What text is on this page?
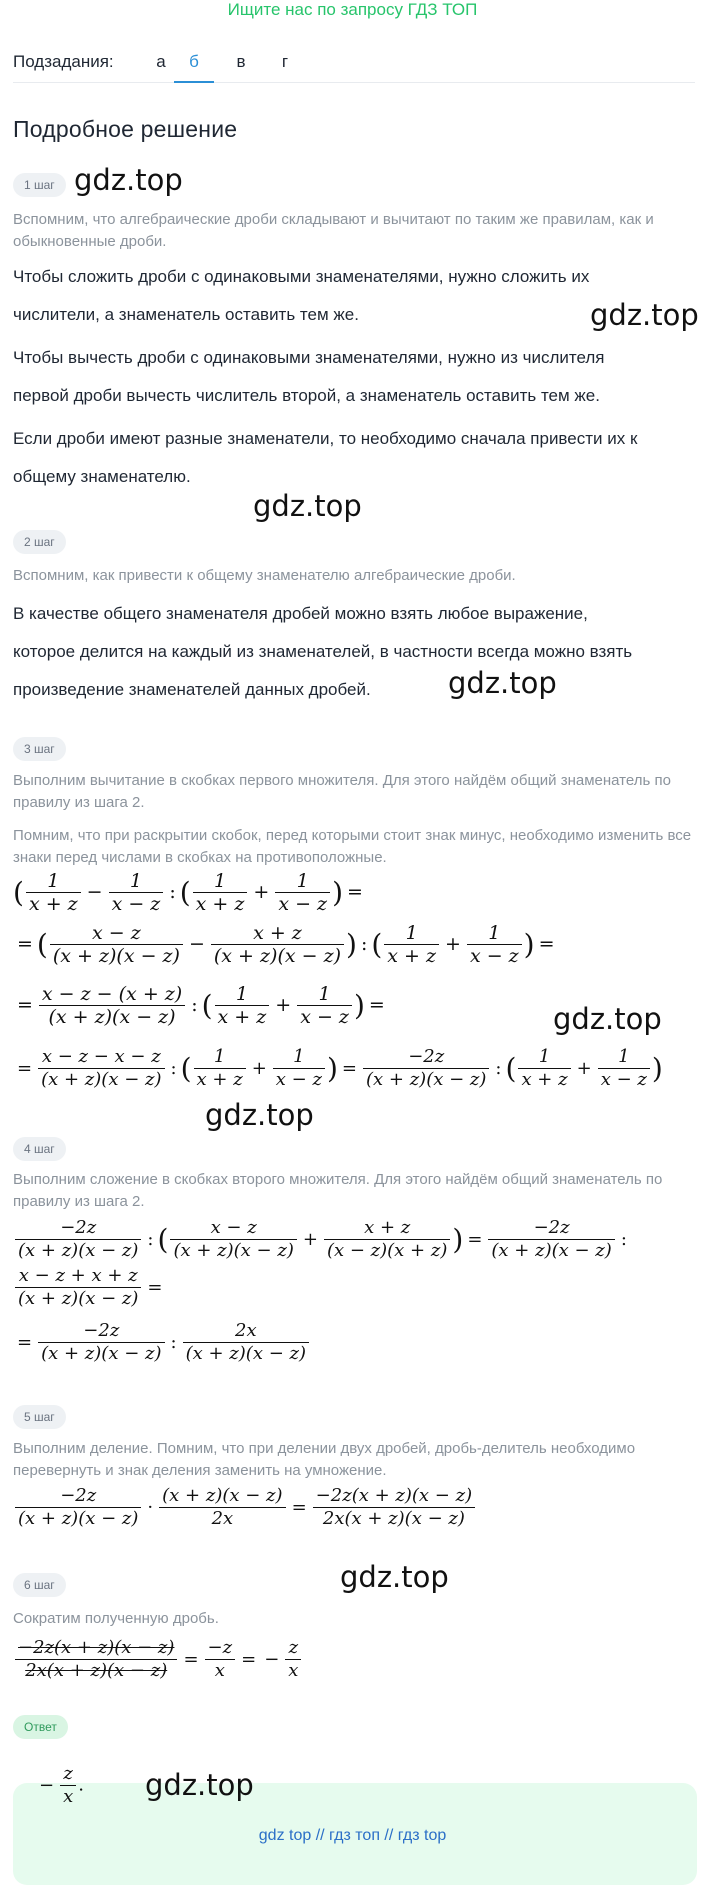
Ищите нас по запросу ГДЗ ТОП
Подзадания:	а	б	в	г
Подробное решение
1 шаг gdz.top
Вспомним, что алгебраические дроби складывают и вычитают по таким же правилам, как и обыкновенные дроби.
Чтобы сложить дроби с одинаковыми знаменателями, нужно сложить их
числители, а знаменатель оставить тем же.	gdz.top
Чтобы вычесть дроби с одинаковыми знаменателями, нужно из числителя
первой дроби вычесть числитель второй, а знаменатель оставить тем же.
Если дроби имеют разные знаменатели, то необходимо сначала привести их к
общему знаменателю.
gdz.top
2 шаг
Вспомним, как привести к общему знаменателю алгебраические дроби.
В качестве общего знаменателя дробей можно взять любое выражение,
которое делится на каждый из знаменателей, в частности всегда можно взять
произведение знаменателей данных дробей.	gdz.top
3 шаг
Выполним вычитание в скобках первого множителя. Для этого найдём общий знаменатель по правилу из шага 2.
Помним, что при раскрытии скобок, перед которыми стоит знак минус, необходимо изменить все знаки перед числами в скобках на противоположные.
( $\frac{1}{x + z} - \frac{1}{x - z}$ : ( $\frac{1}{x + z} + \frac{1}{x - z}$ ) =
= ( $\frac{x - z}{(x + z)(x - z)} - \frac{x + z}{(x + z)(x - z)}$ ) : ( $\frac{1}{x + z} + \frac{1}{x - z}$ ) =
= $\frac{x - z - (x + z)}{(x + z)(x - z)}$ : ( $\frac{1}{x + z} + \frac{1}{x - z}$ ) =	gdz.top
= $\frac{x - z - x - z}{(x + z)(x - z)}$ : ( $\frac{1}{x + z} + \frac{1}{x - z}$ ) = $\frac{-2z}{(x + z)(x - z)}$ : ( $\frac{1}{x + z} + \frac{1}{x - z}$ )
gdz.top
4 шаг
Выполним сложение в скобках второго множителя. Для этого найдём общий знаменатель по правилу из шага 2.
$\frac{-2z}{(x + z)(x - z)}$ : ( $\frac{x - z}{(x + z)(x - z)} + \frac{x + z}{(x - z)(x + z)}$ ) = $\frac{-2z}{(x + z)(x - z)}$ :
$\frac{x - z + x + z}{(x + z)(x - z)}$ =
= $\frac{-2z}{(x + z)(x - z)}$ : $\frac{2x}{(x + z)(x - z)}$
5 шаг
Выполним деление. Помним, что при делении двух дробей, дробь-делитель необходимо перевернуть и знак деления заменить на умножение.
$\frac{-2z}{(x + z)(x - z)} \cdot \frac{(x + z)(x - z)}{2x} = \frac{-2z(x + z)(x - z)}{2x(x + z)(x - z)}$
6 шаг	gdz.top
Сократим полученную дробь.
$\frac{-2z(x + z)(x - z)}{2x(x + z)(x - z)} = \frac{-z}{x}$ = − $\frac{z}{x}$
Ответ
− $\frac{z}{x}$ . gdz.top
gdz top // гдз топ // гдз top
